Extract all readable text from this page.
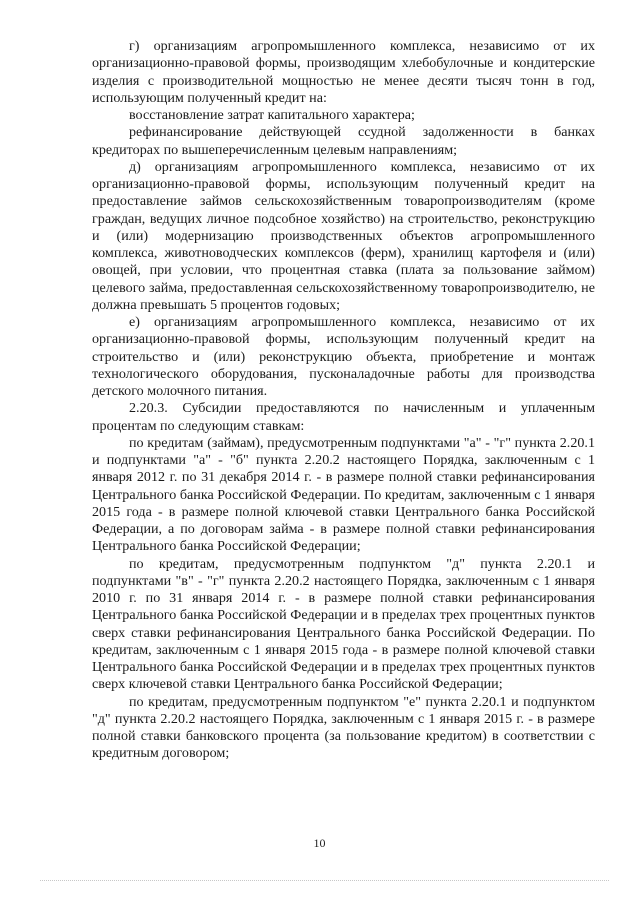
г) организациям агропромышленного комплекса, независимо от их организационно-правовой формы, производящим хлебобулочные и кондитерские изделия с производительной мощностью не менее десяти тысяч тонн в год, использующим полученный кредит на:

восстановление затрат капитального характера;

рефинансирование действующей ссудной задолженности в банках кредиторах по вышеперечисленным целевым направлениям;

д) организациям агропромышленного комплекса, независимо от их организационно-правовой формы, использующим полученный кредит на предоставление займов сельскохозяйственным товаропроизводителям (кроме граждан, ведущих личное подсобное хозяйство) на строительство, реконструкцию и (или) модернизацию производственных объектов агропромышленного комплекса, животноводческих комплексов (ферм), хранилищ картофеля и (или) овощей, при условии, что процентная ставка (плата за пользование займом) целевого займа, предоставленная сельскохозяйственному товаропроизводителю, не должна превышать 5 процентов годовых;

е) организациям агропромышленного комплекса, независимо от их организационно-правовой формы, использующим полученный кредит на строительство и (или) реконструкцию объекта, приобретение и монтаж технологического оборудования, пусконаладочные работы для производства детского молочного питания.

2.20.3. Субсидии предоставляются по начисленным и уплаченным процентам по следующим ставкам:

по кредитам (займам), предусмотренным подпунктами "а" - "г" пункта 2.20.1 и подпунктами "а" - "б" пункта 2.20.2 настоящего Порядка, заключенным с 1 января 2012 г. по 31 декабря 2014 г. - в размере полной ставки рефинансирования Центрального банка Российской Федерации. По кредитам, заключенным с 1 января 2015 года - в размере полной ключевой ставки Центрального банка Российской Федерации, а по договорам займа - в размере полной ставки рефинансирования Центрального банка Российской Федерации;

по кредитам, предусмотренным подпунктом "д" пункта 2.20.1 и подпунктами "в" - "г" пункта 2.20.2 настоящего Порядка, заключенным с 1 января 2010 г. по 31 января 2014 г. - в размере полной ставки рефинансирования Центрального банка Российской Федерации и в пределах трех процентных пунктов сверх ставки рефинансирования Центрального банка Российской Федерации. По кредитам, заключенным с 1 января 2015 года - в размере полной ключевой ставки Центрального банка Российской Федерации и в пределах трех процентных пунктов сверх ключевой ставки Центрального банка Российской Федерации;

по кредитам, предусмотренным подпунктом "е" пункта 2.20.1 и подпунктом "д" пункта 2.20.2 настоящего Порядка, заключенным с 1 января 2015 г. - в размере полной ставки банковского процента (за пользование кредитом) в соответствии с кредитным договором;

10
